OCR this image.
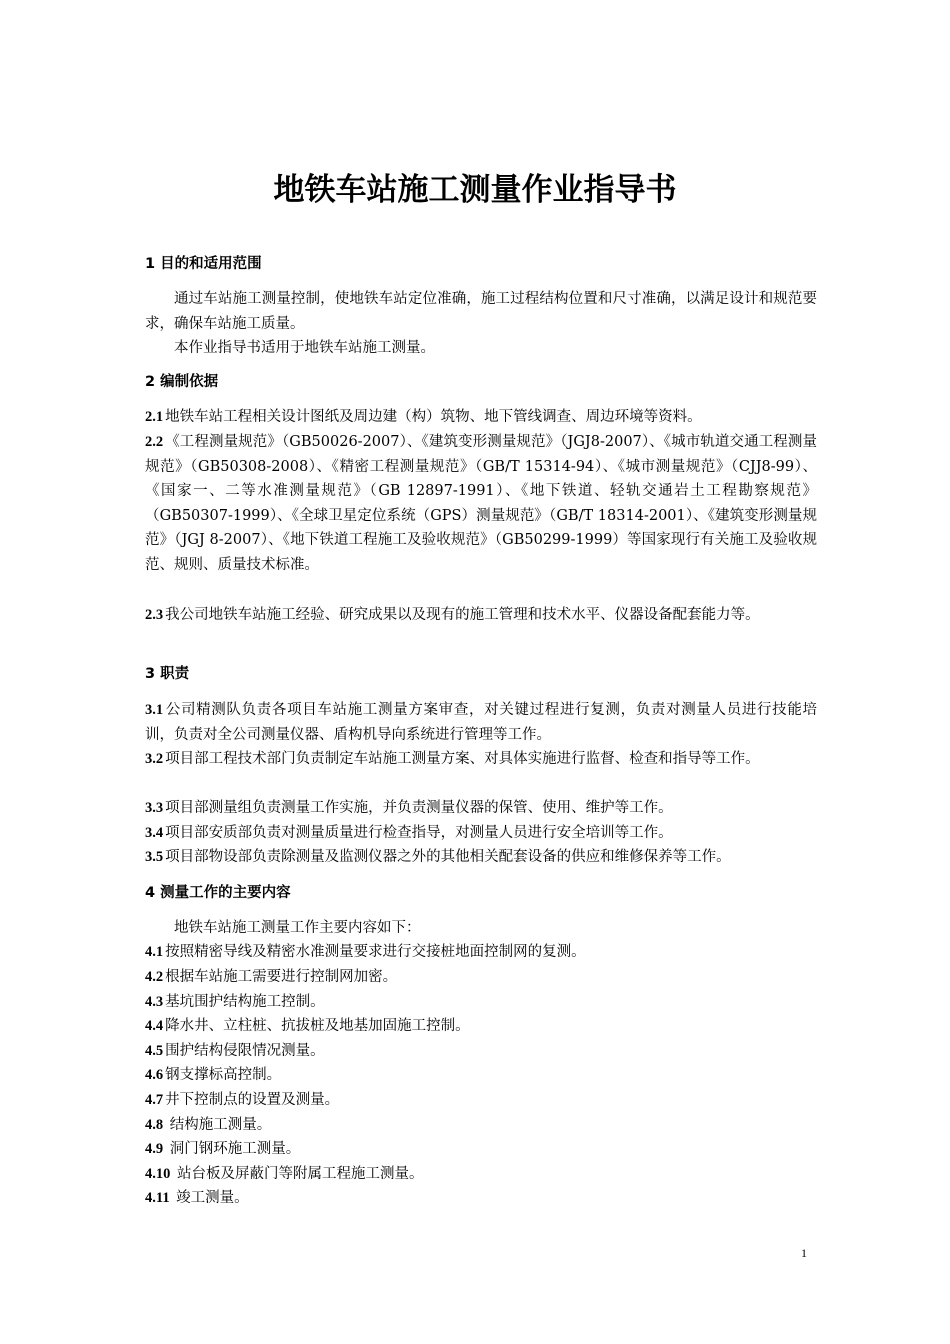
地铁车站施工测量作业指导书
1 目的和适用范围

通过车站施工测量控制，使地铁车站定位准确，施工过程结构位置和尺寸准确，以满足设计和规范要求，确保车站施工质量。

本作业指导书适用于地铁车站施工测量。

2 编制依据

2.1 地铁车站工程相关设计图纸及周边建（构）筑物、地下管线调查、周边环境等资料。

2.2 《工程测量规范》（GB50026-2007）、《建筑变形测量规范》（JGJ8-2007）、《城市轨道交通工程测量规范》（GB50308-2008）、《精密工程测量规范》（GB/T 15314-94）、《城市测量规范》（CJJ8-99）、《国家一、二等水准测量规范》（GB 12897-1991）、《地下铁道、轻轨交通岩土工程勘察规范》（GB50307-1999）、《全球卫星定位系统（GPS）测量规范》（GB/T 18314-2001）、《建筑变形测量规范》（JGJ 8-2007）、《地下铁道工程施工及验收规范》（GB50299-1999）等国家现行有关施工及验收规范、规则、质量技术标准。

2.3 我公司地铁车站施工经验、研究成果以及现有的施工管理和技术水平、仪器设备配套能力等。

3 职责

3.1 公司精测队负责各项目车站施工测量方案审查，对关键过程进行复测，负责对测量人员进行技能培训，负责对全公司测量仪器、盾构机导向系统进行管理等工作。

3.2 项目部工程技术部门负责制定车站施工测量方案、对具体实施进行监督、检查和指导等工作。

3.3 项目部测量组负责测量工作实施，并负责测量仪器的保管、使用、维护等工作。

3.4 项目部安质部负责对测量质量进行检查指导，对测量人员进行安全培训等工作。

3.5 项目部物设部负责除测量及监测仪器之外的其他相关配套设备的供应和维修保养等工作。

4 测量工作的主要内容

地铁车站施工测量工作主要内容如下：

4.1 按照精密导线及精密水准测量要求进行交接桩地面控制网的复测。

4.2 根据车站施工需要进行控制网加密。

4.3 基坑围护结构施工控制。

4.4 降水井、立柱桩、抗拔桩及地基加固施工控制。

4.5 围护结构侵限情况测量。

4.6 钢支撑标高控制。

4.7 井下控制点的设置及测量。

4.8 结构施工测量。

4.9 洞门钢环施工测量。

4.10 站台板及屏蔽门等附属工程施工测量。

4.11 竣工测量。

1
